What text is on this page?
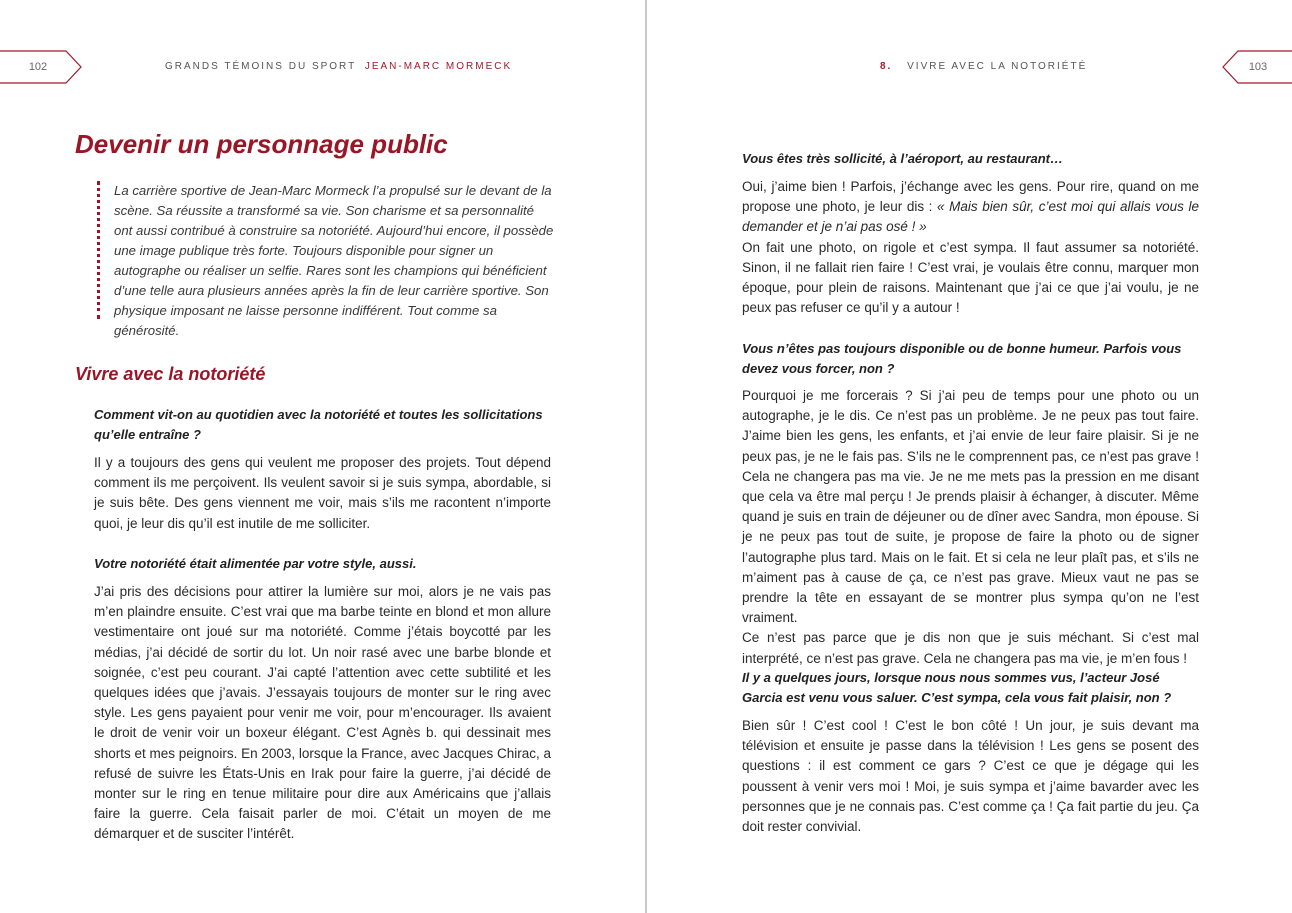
102	103
GRANDS TÉMOINS DU SPORT JEAN-MARC MORMECK	8. VIVRE AVEC LA NOTORIÉTÉ
Devenir un personnage public

La carrière sportive de Jean-Marc Mormeck l’a propulsé sur le devant de la scène. Sa réussite a transformé sa vie. Son charisme et sa personnalité ont aussi contribué à construire sa notoriété. Aujourd’hui encore, il possède une image publique très forte. Toujours disponible pour signer un autographe ou réaliser un selfie. Rares sont les champions qui bénéficient d’une telle aura plusieurs années après la fin de leur carrière sportive. Son physique imposant ne laisse personne indifférent. Tout comme sa générosité.

Vivre avec la notoriété

Comment vit-on au quotidien avec la notoriété et toutes les sollicitations qu’elle entraîne ?

Il y a toujours des gens qui veulent me proposer des projets. Tout dépend comment ils me perçoivent. Ils veulent savoir si je suis sympa, abordable, si je suis bête. Des gens viennent me voir, mais s’ils me racontent n’importe quoi, je leur dis qu’il est inutile de me solliciter.

Votre notoriété était alimentée par votre style, aussi.

J’ai pris des décisions pour attirer la lumière sur moi, alors je ne vais pas m’en plaindre ensuite. C’est vrai que ma barbe teinte en blond et mon allure vestimentaire ont joué sur ma notoriété. Comme j’étais boycotté par les médias, j’ai décidé de sortir du lot. Un noir rasé avec une barbe blonde et soignée, c’est peu courant. J’ai capté l’attention avec cette subtilité et les quelques idées que j’avais. J’essayais toujours de monter sur le ring avec style. Les gens payaient pour venir me voir, pour m’encourager. Ils avaient le droit de venir voir un boxeur élégant. C’est Agnès b. qui dessinait mes shorts et mes peignoirs. En 2003, lorsque la France, avec Jacques Chirac, a refusé de suivre les États-Unis en Irak pour faire la guerre, j’ai décidé de monter sur le ring en tenue militaire pour dire aux Américains que j’allais faire la guerre. Cela faisait parler de moi. C’était un moyen de me démarquer et de susciter l’intérêt.

Vous êtes très sollicité, à l’aéroport, au restaurant…

Oui, j’aime bien ! Parfois, j’échange avec les gens. Pour rire, quand on me propose une photo, je leur dis : « Mais bien sûr, c’est moi qui allais vous le demander et je n’ai pas osé ! »

On fait une photo, on rigole et c’est sympa. Il faut assumer sa notoriété. Sinon, il ne fallait rien faire ! C’est vrai, je voulais être connu, marquer mon époque, pour plein de raisons. Maintenant que j’ai ce que j’ai voulu, je ne peux pas refuser ce qu’il y a autour !

Vous n’êtes pas toujours disponible ou de bonne humeur. Parfois vous devez vous forcer, non ?

Pourquoi je me forcerais ? Si j’ai peu de temps pour une photo ou un autographe, je le dis. Ce n’est pas un problème. Je ne peux pas tout faire. J’aime bien les gens, les enfants, et j’ai envie de leur faire plaisir. Si je ne peux pas, je ne le fais pas. S’ils ne le comprennent pas, ce n’est pas grave ! Cela ne changera pas ma vie. Je ne me mets pas la pression en me disant que cela va être mal perçu ! Je prends plaisir à échanger, à discuter. Même quand je suis en train de déjeuner ou de dîner avec Sandra, mon épouse. Si je ne peux pas tout de suite, je propose de faire la photo ou de signer l’autographe plus tard. Mais on le fait. Et si cela ne leur plaît pas, et s’ils ne m’aiment pas à cause de ça, ce n’est pas grave. Mieux vaut ne pas se prendre la tête en essayant de se montrer plus sympa qu’on ne l’est vraiment.

Ce n’est pas parce que je dis non que je suis méchant. Si c’est mal interprété, ce n’est pas grave. Cela ne changera pas ma vie, je m’en fous !

Il y a quelques jours, lorsque nous nous sommes vus, l’acteur José Garcia est venu vous saluer. C’est sympa, cela vous fait plaisir, non ?

Bien sûr ! C’est cool ! C’est le bon côté ! Un jour, je suis devant ma télévision et ensuite je passe dans la télévision ! Les gens se posent des questions : il est comment ce gars ? C’est ce que je dégage qui les poussent à venir vers moi ! Moi, je suis sympa et j’aime bavarder avec les personnes que je ne connais pas. C’est comme ça ! Ça fait partie du jeu. Ça doit rester convivial.
